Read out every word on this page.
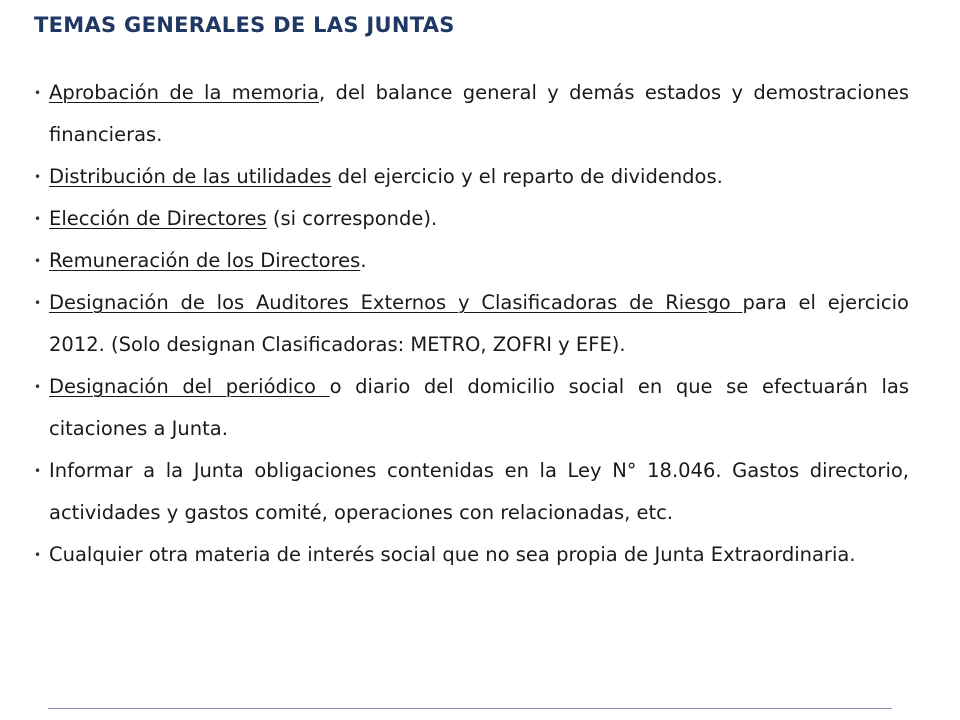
TEMAS GENERALES DE LAS JUNTAS
• Aprobación de la memoria, del balance general y demás estados y demostraciones financieras.
• Distribución de las utilidades del ejercicio y el reparto de dividendos.
• Elección de Directores (si corresponde).
• Remuneración de los Directores.
• Designación de los Auditores Externos y Clasificadoras de Riesgo para el ejercicio 2012. (Solo designan Clasificadoras: METRO, ZOFRI y EFE).
• Designación del periódico o diario del domicilio social en que se efectuarán las citaciones a Junta.
• Informar a la Junta obligaciones contenidas en la Ley N° 18.046. Gastos directorio, actividades y gastos comité, operaciones con relacionadas, etc.
• Cualquier otra materia de interés social que no sea propia de Junta Extraordinaria.
